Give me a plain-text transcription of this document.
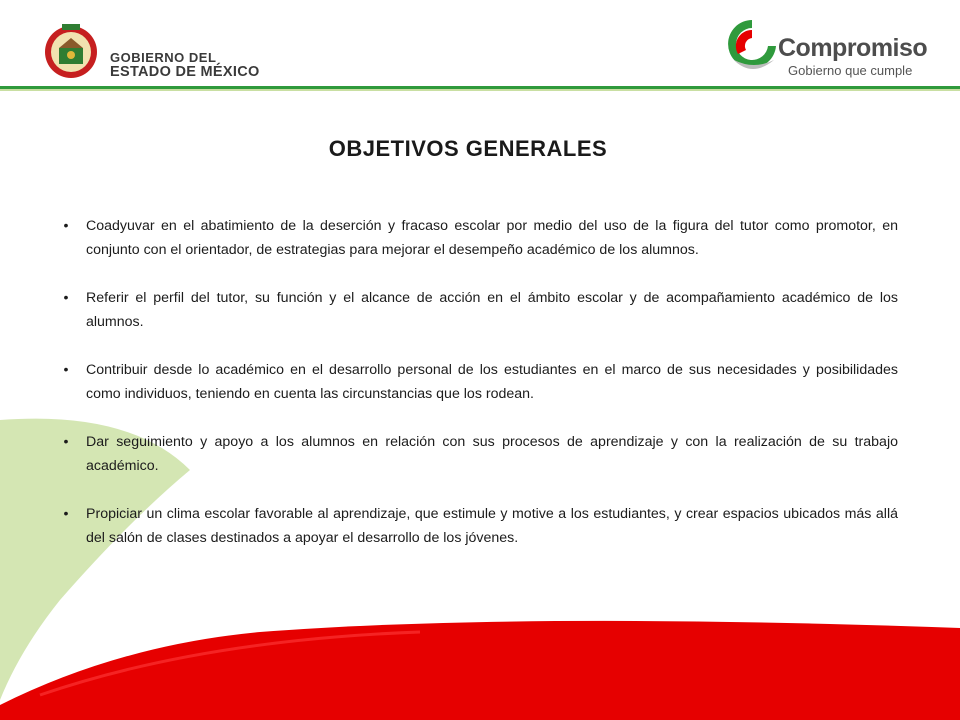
GOBIERNO DEL
ESTADO DE MÉXICO
Compromiso
Gobierno que cumple
OBJETIVOS GENERALES
• Coadyuvar en el abatimiento de la deserción y fracaso escolar por medio del uso de la figura del tutor como promotor, en conjunto con el orientador, de estrategias para mejorar el desempeño académico de los alumnos.
• Referir el perfil del tutor, su función y el alcance de acción en el ámbito escolar y de acompañamiento académico de los alumnos.
• Contribuir desde lo académico en el desarrollo personal de los estudiantes en el marco de sus necesidades y posibilidades como individuos, teniendo en cuenta las circunstancias que los rodean.
• Dar seguimiento y apoyo a los alumnos en relación con sus procesos de aprendizaje y con la realización de su trabajo académico.
• Propiciar un clima escolar favorable al aprendizaje, que estimule y motive a los estudiantes, y crear espacios ubicados más allá del salón de clases destinados a apoyar el desarrollo de los jóvenes.
